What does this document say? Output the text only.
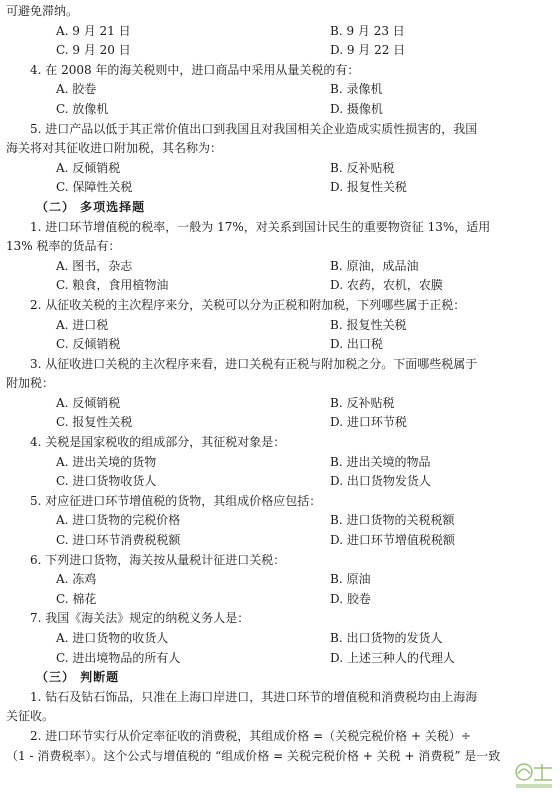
可避免滞纳。
A. 9 月 21 日	B. 9 月 23 日
C. 9 月 20 日	D. 9 月 22 日
4. 在 2008 年的海关税则中，进口商品中采用从量关税的有：
A. 胶卷	B. 录像机
C. 放像机	D. 摄像机
5. 进口产品以低于其正常价值出口到我国且对我国相关企业造成实质性损害的，我国
海关将对其征收进口附加税，其名称为：
A. 反倾销税	B. 反补贴税
C. 保障性关税	D. 报复性关税
（二） 多项选择题
1. 进口环节增值税的税率，一般为 17%，对关系到国计民生的重要物资征 13%，适用
13% 税率的货品有：
A. 图书，杂志	B. 原油，成品油
C. 粮食，食用植物油	D. 农药，农机，农膜
2. 从征收关税的主次程序来分，关税可以分为正税和附加税，下列哪些属于正税：
A. 进口税	B. 报复性关税
C. 反倾销税	D. 出口税
3. 从征收进口关税的主次程序来看，进口关税有正税与附加税之分。下面哪些税属于
附加税：
A. 反倾销税	B. 反补贴税
C. 报复性关税	D. 进口环节税
4. 关税是国家税收的组成部分，其征税对象是：
A. 进出关境的货物	B. 进出关境的物品
C. 进口货物收货人	D. 出口货物发货人
5. 对应征进口环节增值税的货物，其组成价格应包括：
A. 进口货物的完税价格	B. 进口货物的关税税额
C. 进口环节消费税税额	D. 进口环节增值税税额
6. 下列进口货物，海关按从量税计征进口关税：
A. 冻鸡	B. 原油
C. 棉花	D. 胶卷
7. 我国《海关法》规定的纳税义务人是：
A. 进口货物的收货人	B. 出口货物的发货人
C. 进出境物品的所有人	D. 上述三种人的代理人
（三） 判断题
1. 钻石及钻石饰品，只准在上海口岸进口，其进口环节的增值税和消费税均由上海海
关征收。
2. 进口环节实行从价定率征收的消费税，其组成价格 =（关税完税价格 + 关税）÷
（1 - 消费税率）。这个公式与增值税的 “组成价格 = 关税完税价格 + 关税 + 消费税” 是一致
